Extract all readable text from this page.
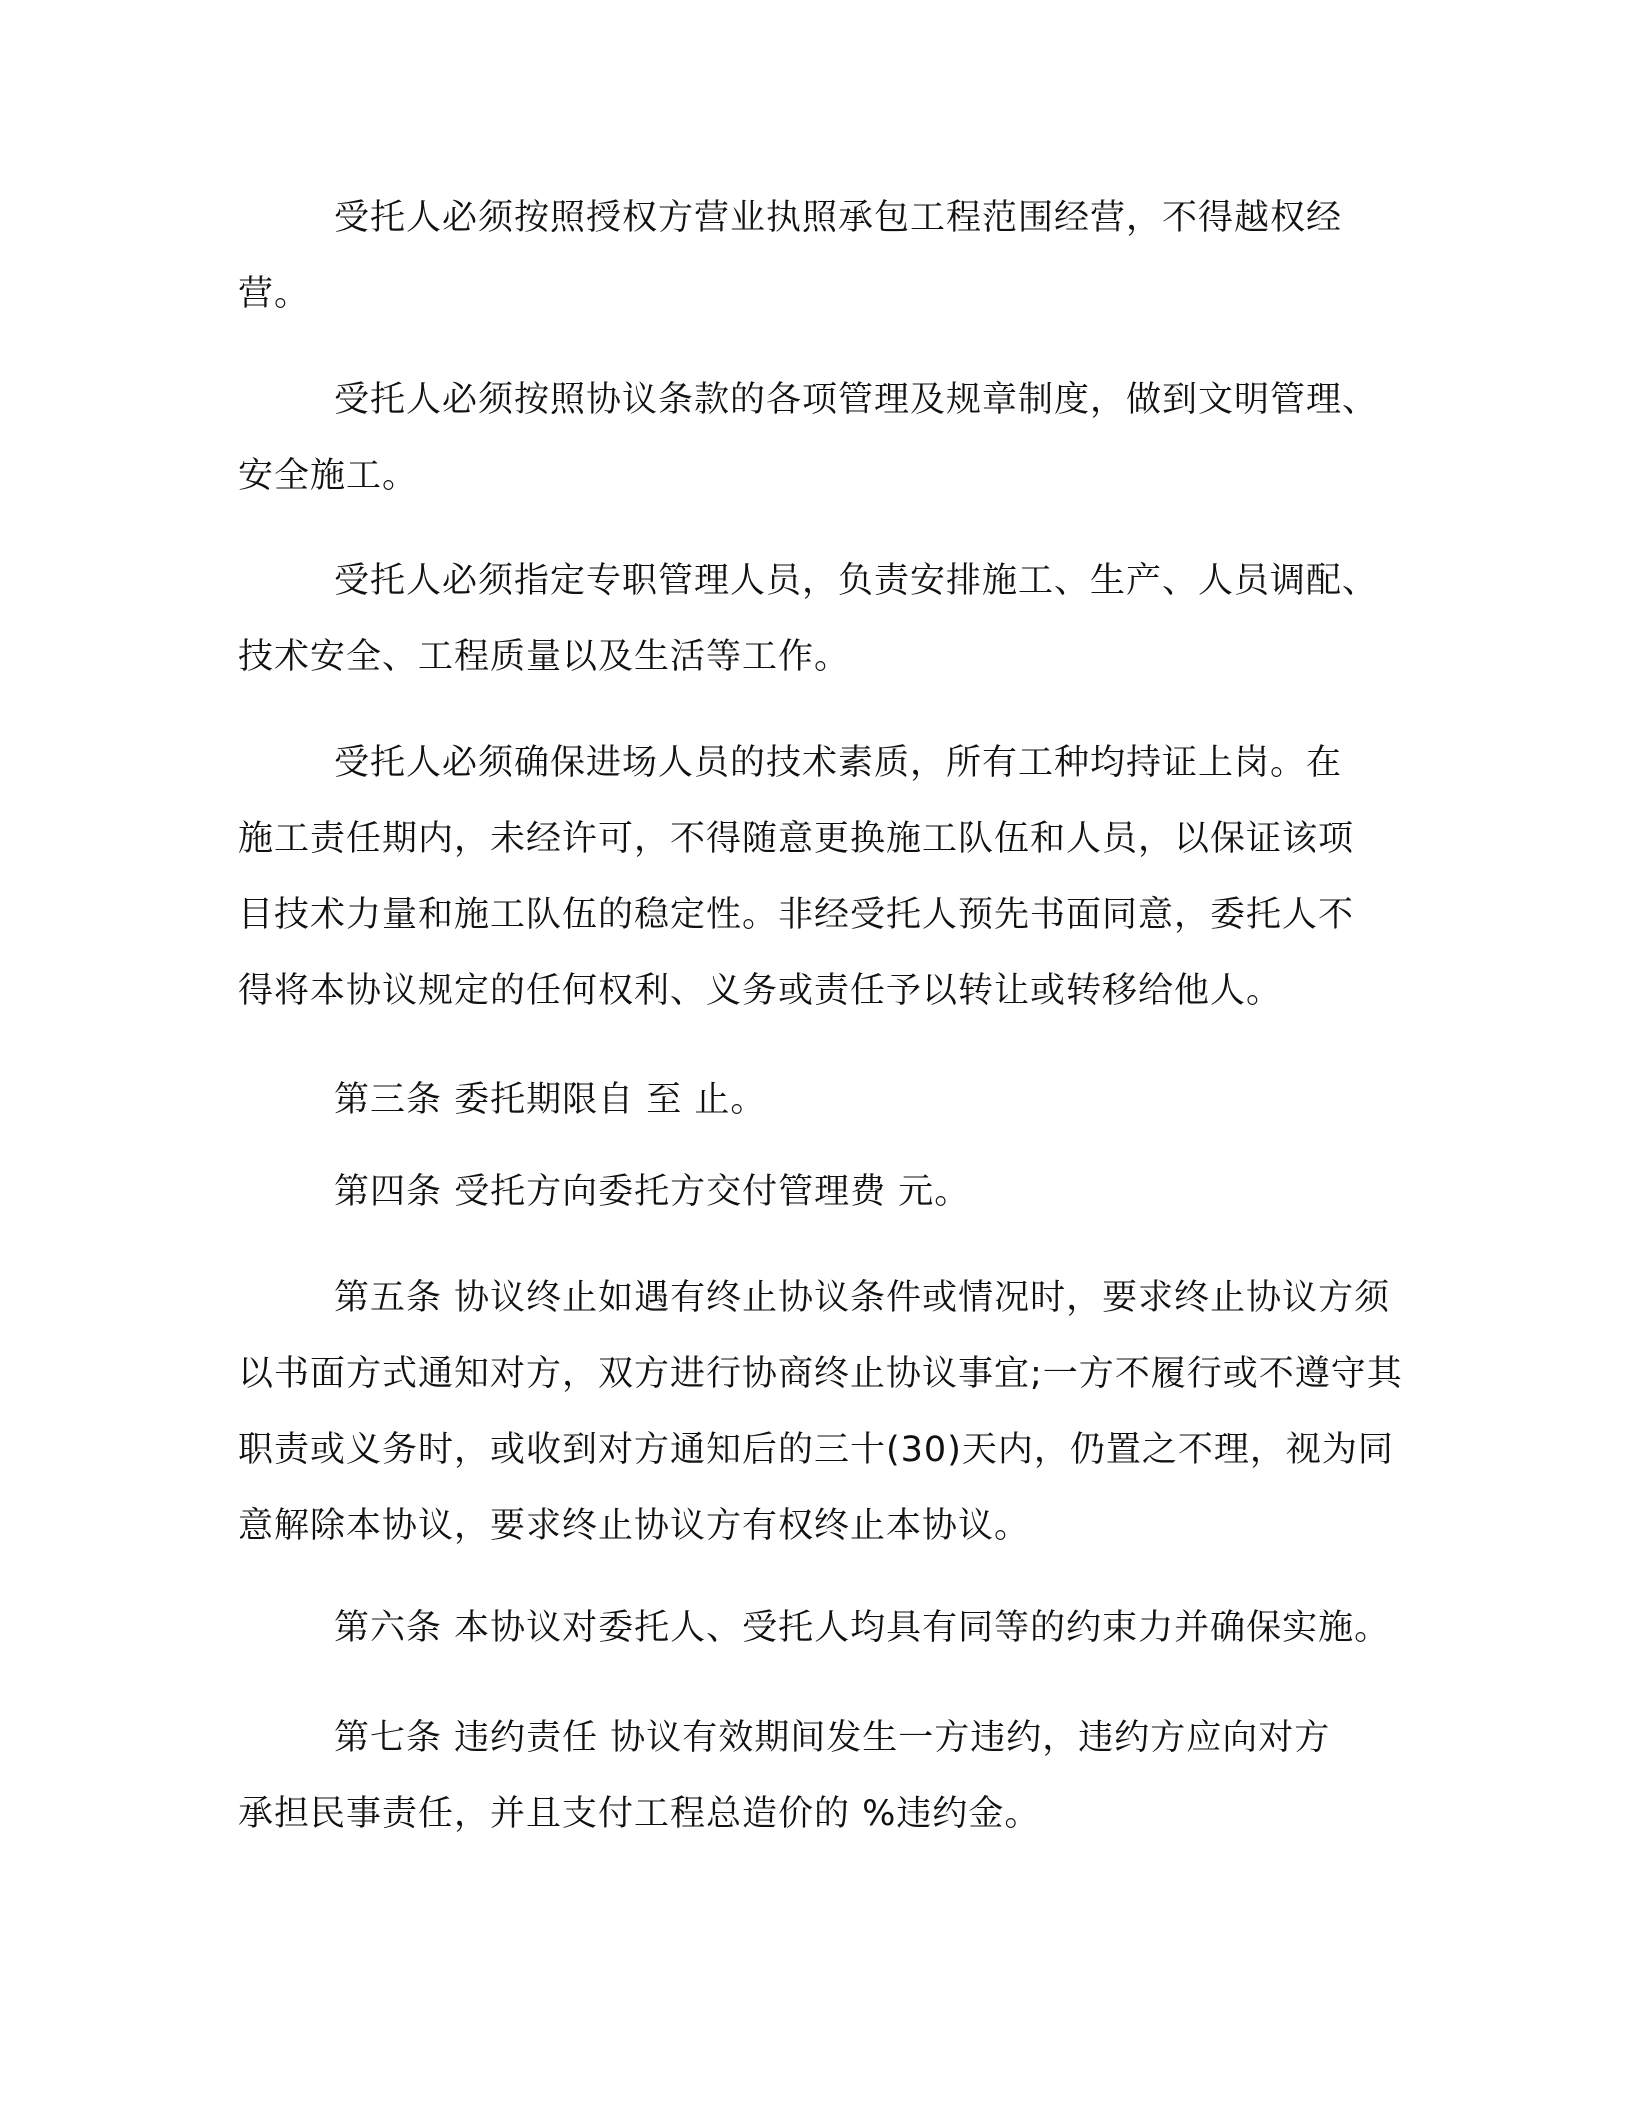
受托人必须按照授权方营业执照承包工程范围经营，不得越权经营。

受托人必须按照协议条款的各项管理及规章制度，做到文明管理、安全施工。

受托人必须指定专职管理人员，负责安排施工、生产、人员调配、技术安全、工程质量以及生活等工作。

受托人必须确保进场人员的技术素质，所有工种均持证上岗。在施工责任期内，未经许可，不得随意更换施工队伍和人员，以保证该项目技术力量和施工队伍的稳定性。非经受托人预先书面同意，委托人不得将本协议规定的任何权利、义务或责任予以转让或转移给他人。

第三条 委托期限自 至 止。

第四条 受托方向委托方交付管理费 元。

第五条 协议终止如遇有终止协议条件或情况时，要求终止协议方须以书面方式通知对方，双方进行协商终止协议事宜;一方不履行或不遵守其职责或义务时，或收到对方通知后的三十(30)天内，仍置之不理，视为同意解除本协议，要求终止协议方有权终止本协议。

第六条 本协议对委托人、受托人均具有同等的约束力并确保实施。

第七条 违约责任 协议有效期间发生一方违约，违约方应向对方承担民事责任，并且支付工程总造价的 %违约金。
